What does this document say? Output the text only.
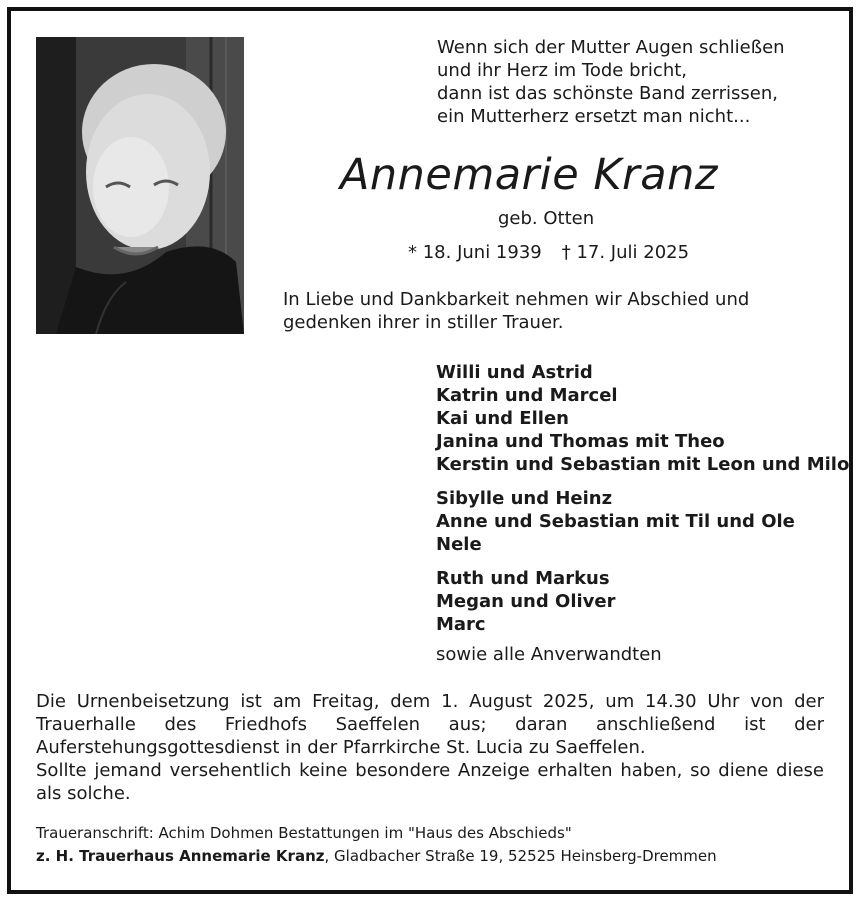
Wenn sich der Mutter Augen schließen
und ihr Herz im Tode bricht,
dann ist das schönste Band zerrissen,
ein Mutterherz ersetzt man nicht...
Annemarie Kranz
geb. Otten
* 18. Juni 1939 † 17. Juli 2025
In Liebe und Dankbarkeit nehmen wir Abschied und
gedenken ihrer in stiller Trauer.
Willi und Astrid
Katrin und Marcel
Kai und Ellen
Janina und Thomas mit Theo
Kerstin und Sebastian mit Leon und Milo
Sibylle und Heinz
Anne und Sebastian mit Til und Ole
Nele
Ruth und Markus
Megan und Oliver
Marc
sowie alle Anverwandten
Die Urnenbeisetzung ist am Freitag, dem 1. August 2025, um 14.30 Uhr von der Trauerhalle des Friedhofs Saeffelen aus; daran anschließend ist der Auferstehungsgottesdienst in der Pfarrkirche St. Lucia zu Saeffelen.
Sollte jemand versehentlich keine besondere Anzeige erhalten haben, so diene diese als solche.
Traueranschrift: Achim Dohmen Bestattungen im "Haus des Abschieds"
z. H. Trauerhaus Annemarie Kranz, Gladbacher Straße 19, 52525 Heinsberg-Dremmen
